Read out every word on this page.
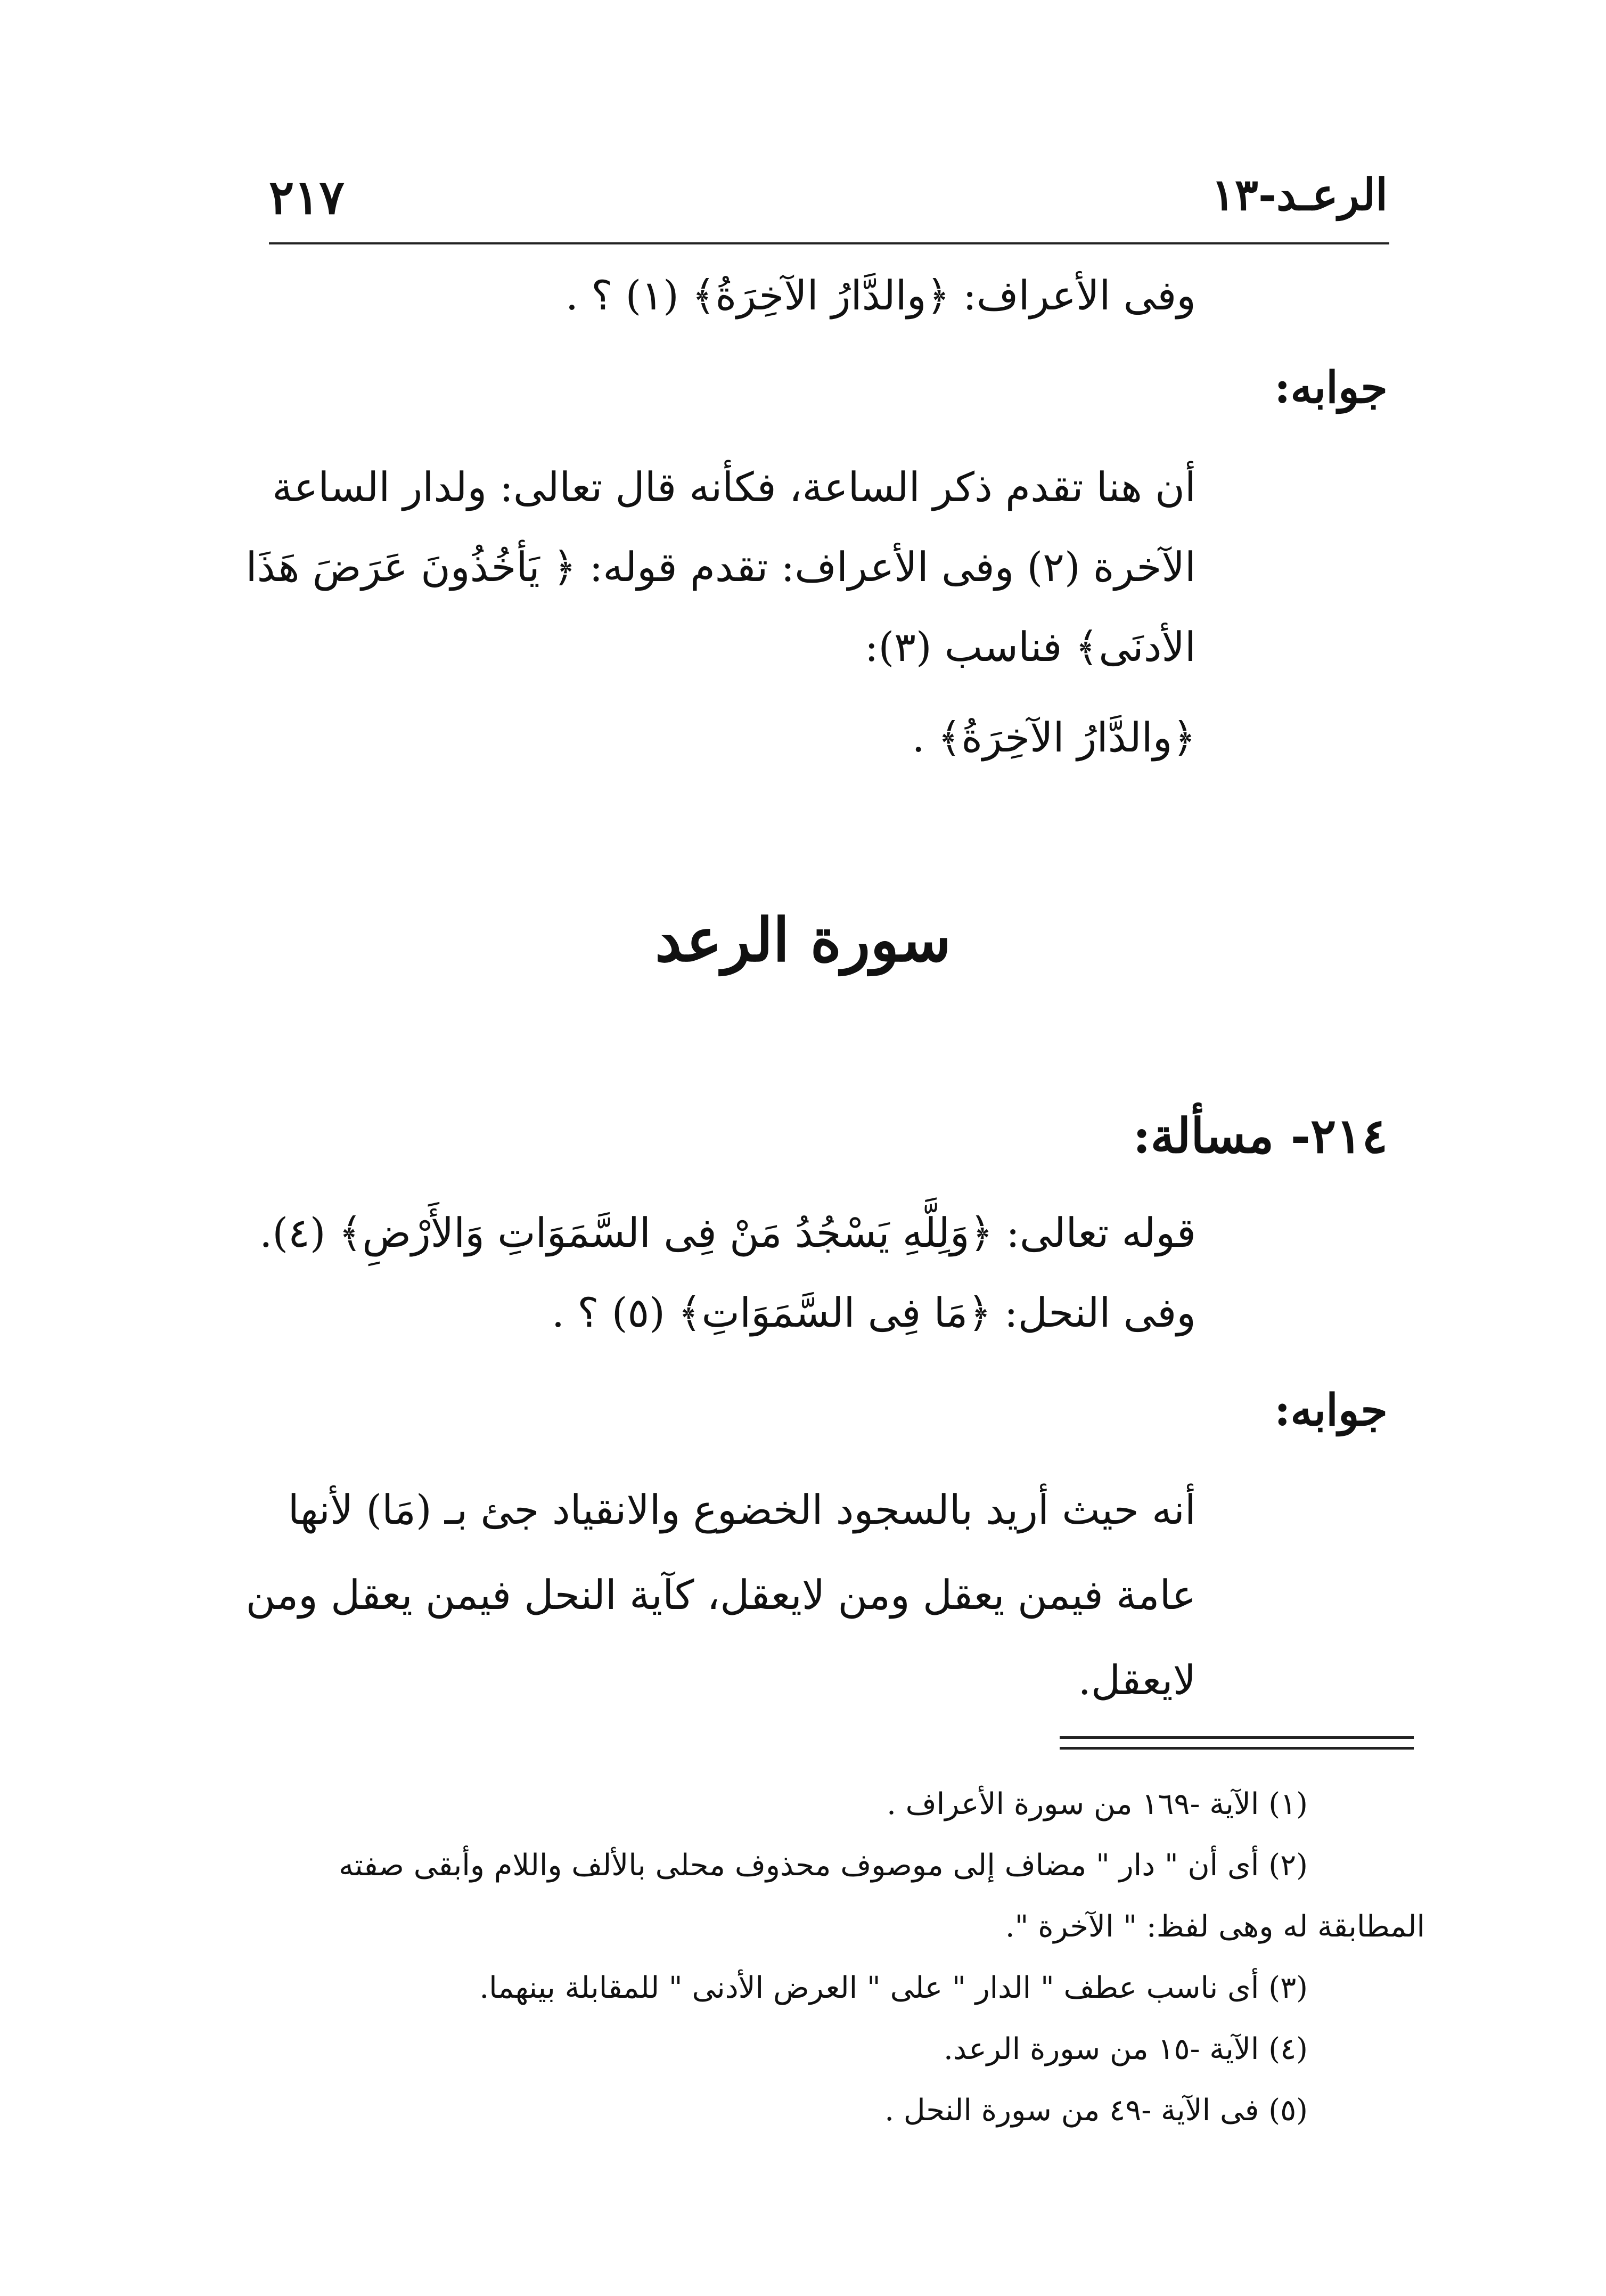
٢١٧	الرعـد-١٣
وفى الأعراف: ﴿والدَّارُ الآخِرَةُ﴾ (١) ؟ .
جوابه:
أن هنا تقدم ذكر الساعة، فكأنه قال تعالى: ولدار الساعة
الآخرة (٢) وفى الأعراف: تقدم قوله: ﴿ يَأخُذُونَ عَرَضَ هَذَا
الأدنَى﴾ فناسب (٣):
﴿والدَّارُ الآخِرَةُ﴾ .
سورة الرعد
٢١٤- مسألة:
قوله تعالى: ﴿وَلِلَّهِ يَسْجُدُ مَنْ فِى السَّمَوَاتِ وَالأَرْضِ﴾ (٤).
وفى النحل: ﴿مَا فِى السَّمَوَاتِ﴾ (٥) ؟ .
جوابه:
أنه حيث أريد بالسجود الخضوع والانقياد جئ بـ (مَا) لأنها
عامة فيمن يعقل ومن لايعقل، كآية النحل فيمن يعقل ومن
لايعقل.
(١) الآية -١٦٩ من سورة الأعراف .
(٢) أى أن " دار " مضاف إلى موصوف محذوف محلى بالألف واللام وأبقى صفته
المطابقة له وهى لفظ: " الآخرة ".
(٣) أى ناسب عطف " الدار " على " العرض الأدنى " للمقابلة بينهما.
(٤) الآية -١٥ من سورة الرعد.
(٥) فى الآية -٤٩ من سورة النحل .
